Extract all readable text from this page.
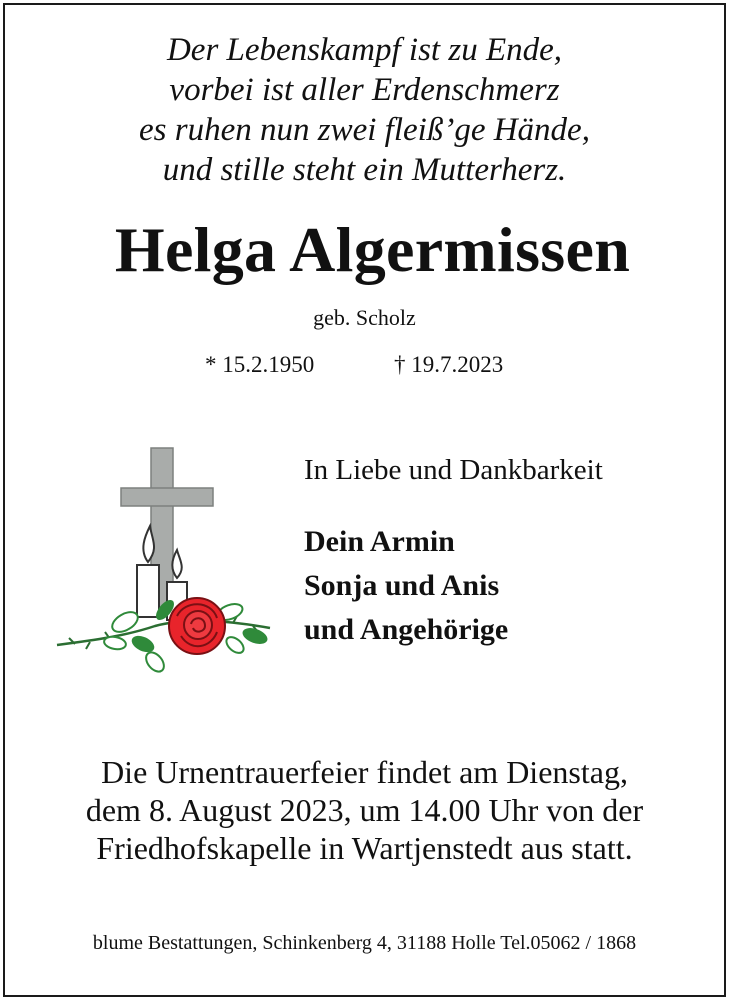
Der Lebenskampf ist zu Ende,
vorbei ist aller Erdenschmerz
es ruhen nun zwei fleiß’ge Hände,
und stille steht ein Mutterherz.
Helga Algermissen
geb. Scholz
* 15.2.1950	† 19.7.2023
In Liebe und Dankbarkeit
Dein Armin
Sonja und Anis
und Angehörige
Die Urnentrauerfeier findet am Dienstag,
dem 8. August 2023, um 14.00 Uhr von der
Friedhofskapelle in Wartjenstedt aus statt.
blume Bestattungen, Schinkenberg 4, 31188 Holle Tel.05062 / 1868
